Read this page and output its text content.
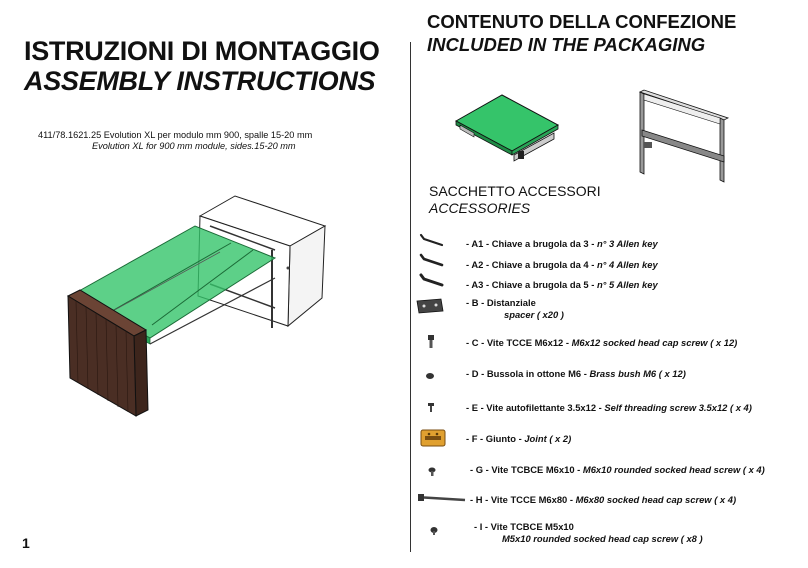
ISTRUZIONI DI MONTAGGIO
ASSEMBLY INSTRUCTIONS
411/78.1621.25 Evolution XL per modulo mm 900, spalle 15-20 mm
Evolution XL for 900 mm module, sides.15-20 mm
1
CONTENUTO DELLA CONFEZIONE
INCLUDED IN THE PACKAGING
SACCHETTO ACCESSORI
ACCESSORIES
- A1 - Chiave a brugola da 3 - n° 3 Allen key
- A2 - Chiave a brugola da 4 - n° 4 Allen key
- A3 - Chiave a brugola da 5 - n° 5 Allen key
- B - Distanziale
spacer ( x20 )
- C - Vite TCCE M6x12 - M6x12 socked head cap screw ( x 12)
- D - Bussola in ottone M6 - Brass bush M6 ( x 12)
- E - Vite autofilettante 3.5x12 - Self threading screw 3.5x12 ( x 4)
- F - Giunto - Joint ( x 2)
- G - Vite TCBCE M6x10 - M6x10 rounded socked head screw ( x 4)
- H - Vite TCCE M6x80 - M6x80 socked head cap screw ( x 4)
- I - Vite TCBCE M5x10
M5x10 rounded socked head cap screw ( x8 )
